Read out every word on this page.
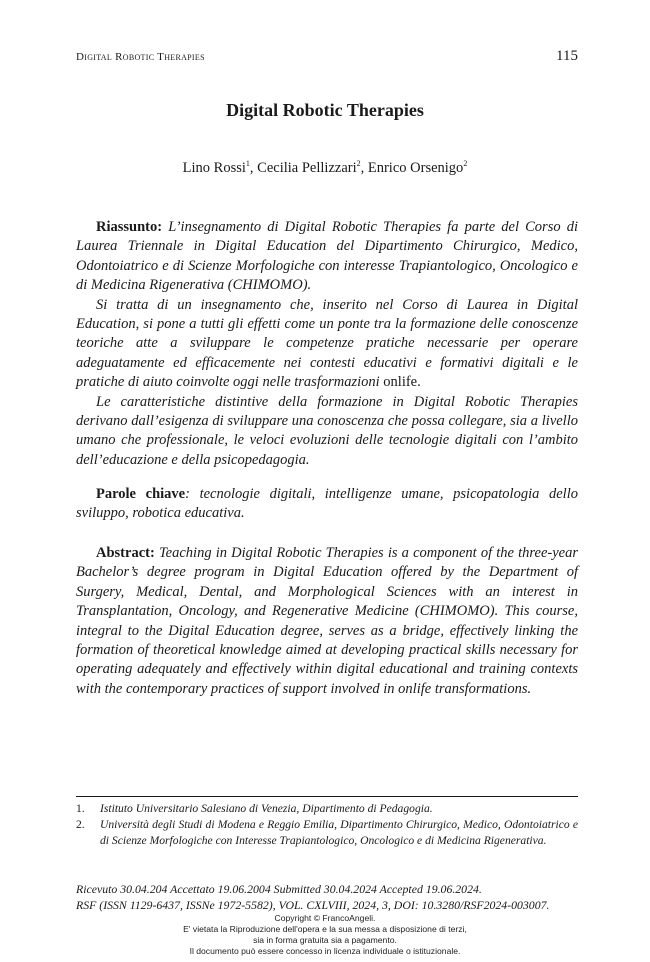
Digital Robotic Therapies	115
Digital Robotic Therapies

Lino Rossi$^1$, Cecilia Pellizzari$^2$, Enrico Orsenigo$^2$

Riassunto: L’insegnamento di Digital Robotic Therapies fa parte del Corso di Laurea Triennale in Digital Education del Dipartimento Chirurgico, Medico, Odontoiatrico e di Scienze Morfologiche con interesse Trapiantologico, Oncologico e di Medicina Rigenerativa (CHIMOMO).

Si tratta di un insegnamento che, inserito nel Corso di Laurea in Digital Education, si pone a tutti gli effetti come un ponte tra la formazione delle conoscenze teoriche atte a sviluppare le competenze pratiche necessarie per operare adeguatamente ed efficacemente nei contesti educativi e formativi digitali e le pratiche di aiuto coinvolte oggi nelle trasformazioni onlife.

Le caratteristiche distintive della formazione in Digital Robotic Therapies derivano dall’esigenza di sviluppare una conoscenza che possa collegare, sia a livello umano che professionale, le veloci evoluzioni delle tecnologie digitali con l’ambito dell’educazione e della psicopedagogia.

Parole chiave: tecnologie digitali, intelligenze umane, psicopatologia dello sviluppo, robotica educativa.

Abstract: Teaching in Digital Robotic Therapies is a component of the three-year Bachelor’s degree program in Digital Education offered by the Department of Surgery, Medical, Dental, and Morphological Sciences with an interest in Transplantation, Oncology, and Regenerative Medicine (CHIMOMO). This course, integral to the Digital Education degree, serves as a bridge, effectively linking the formation of theoretical knowledge aimed at developing practical skills necessary for operating adequately and effectively within digital educational and training contexts with the contemporary practices of support involved in onlife transformations.

1.	Istituto Universitario Salesiano di Venezia, Dipartimento di Pedagogia.
2.	Università degli Studi di Modena e Reggio Emilia, Dipartimento Chirurgico, Medico, Odontoiatrico e di Scienze Morfologiche con Interesse Trapiantologico, Oncologico e di Medicina Rigenerativa.
Ricevuto 30.04.204 Accettato 19.06.2004 Submitted 30.04.2024 Accepted 19.06.2024.
RSF (ISSN 1129-6437, ISSNe 1972-5582), VOL. CXLVIII, 2024, 3, DOI: 10.3280/RSF2024-003007.
Copyright © FrancoAngeli.
E' vietata la Riproduzione dell'opera e la sua messa a disposizione di terzi,
sia in forma gratuita sia a pagamento.
Il documento può essere concesso in licenza individuale o istituzionale.
